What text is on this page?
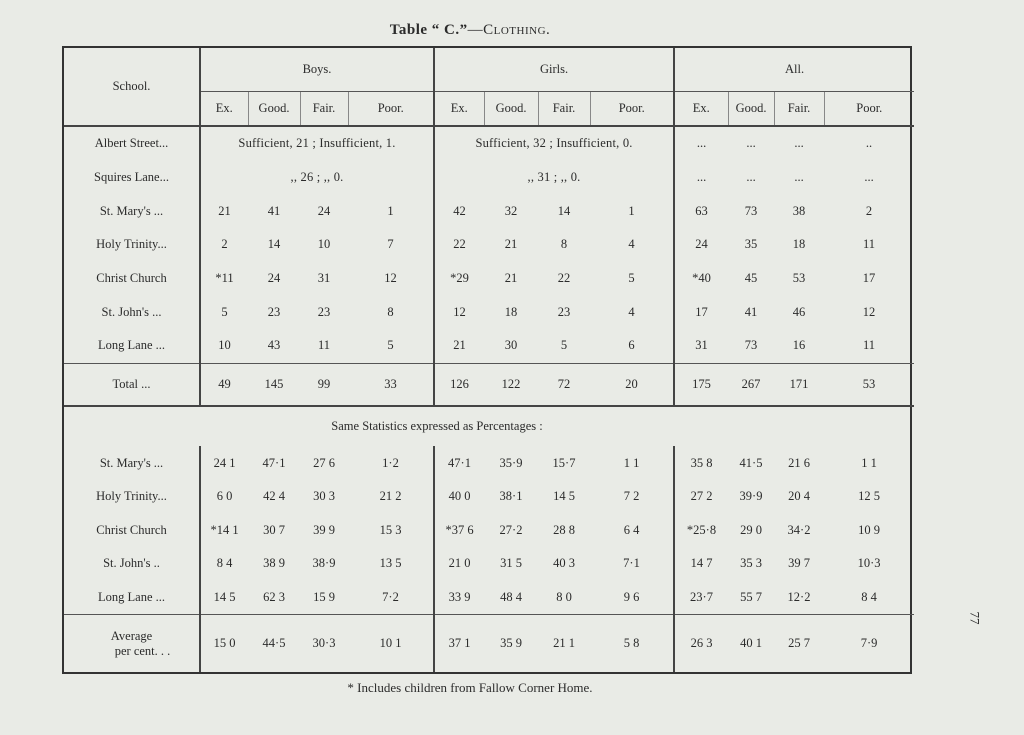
Table “ C.”—Clothing.
School.	Boys.				Girls.				All.			
	Ex.	Good.	Fair.	Poor.	Ex.	Good.	Fair.	Poor.	Ex.	Good.	Fair.	Poor.
Albert Street...	Sufficient, 21 ; Insufficient, 1.				Sufficient, 32 ; Insufficient, 0.				...	...	...	..
Squires Lane...	,, 26 ; ,, 0.				,, 31 ; ,, 0.				...	...	...	...
St. Mary's ...	21	41	24	1	42	32	14	1	63	73	38	2
Holy Trinity...	2	14	10	7	22	21	8	4	24	35	18	11
Christ Church	*11	24	31	12	*29	21	22	5	*40	45	53	17
St. John's ...	5	23	23	8	12	18	23	4	17	41	46	12
Long Lane ...	10	43	11	5	21	30	5	6	31	73	16	11
Total ...	49	145	99	33	126	122	72	20	175	267	171	53
	Same Statistics expressed as Percentages :											
St. Mary's ...	24 1	47·1	27 6	1·2	47·1	35·9	15·7	1 1	35 8	41·5	21 6	1 1
Holy Trinity...	6 0	42 4	30 3	21 2	40 0	38·1	14 5	7 2	27 2	39·9	20 4	12 5
Christ Church	*14 1	30 7	39 9	15 3	*37 6	27·2	28 8	6 4	*25·8	29 0	34·2	10 9
St. John's ..	8 4	38 9	38·9	13 5	21 0	31 5	40 3	7·1	14 7	35 3	39 7	10·3
Long Lane ...	14 5	62 3	15 9	7·2	33 9	48 4	8 0	9 6	23·7	55 7	12·2	8 4

Average
per cent. . .	15 0	44·5	30·3	10 1	37 1	35 9	21 1	5 8	26 3	40 1	25 7	7·9
* Includes children from Fallow Corner Home.
77
